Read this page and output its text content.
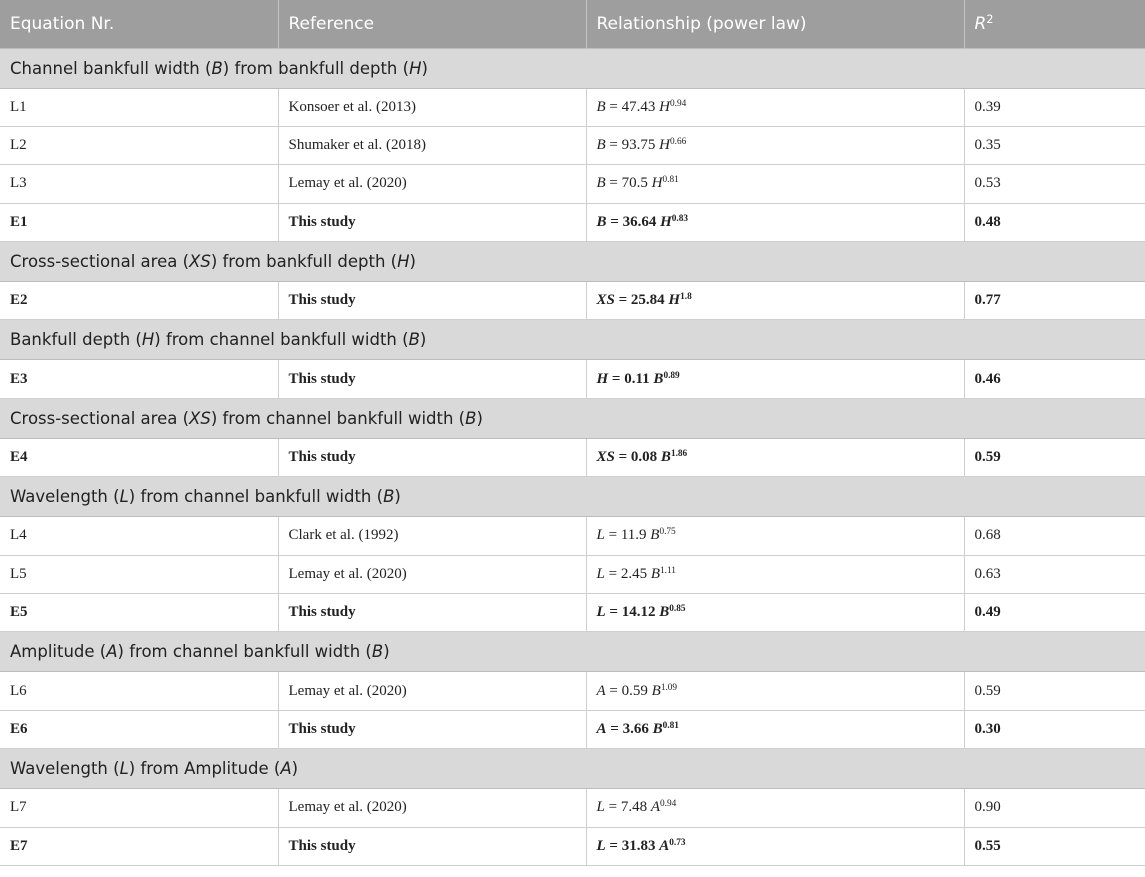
Equation Nr.	Reference	Relationship (power law)	$R^2$
Channel bankfull width (B) from bankfull depth (H)			
L1	Konsoer et al. (2013)	B = 47.43 $H^{0.94}$	0.39
L2	Shumaker et al. (2018)	B = 93.75 $H^{0.66}$	0.35
L3	Lemay et al. (2020)	B = 70.5 $H^{0.81}$	0.53
E1	This study	B = 36.64 $H^{0.83}$	0.48
Cross-sectional area (XS) from bankfull depth (H)			
E2	This study	XS = 25.84 $H^{1.8}$	0.77
Bankfull depth (H) from channel bankfull width (B)			
E3	This study	H = 0.11 $B^{0.89}$	0.46
Cross-sectional area (XS) from channel bankfull width (B)			
E4	This study	XS = 0.08 $B^{1.86}$	0.59
Wavelength (L) from channel bankfull width (B)			
L4	Clark et al. (1992)	L = 11.9 $B^{0.75}$	0.68
L5	Lemay et al. (2020)	L = 2.45 $B^{1.11}$	0.63
E5	This study	L = 14.12 $B^{0.85}$	0.49
Amplitude (A) from channel bankfull width (B)			
L6	Lemay et al. (2020)	A = 0.59 $B^{1.09}$	0.59
E6	This study	A = 3.66 $B^{0.81}$	0.30
Wavelength (L) from Amplitude (A)			
L7	Lemay et al. (2020)	L = 7.48 $A^{0.94}$	0.90
E7	This study	L = 31.83 $A^{0.73}$	0.55
